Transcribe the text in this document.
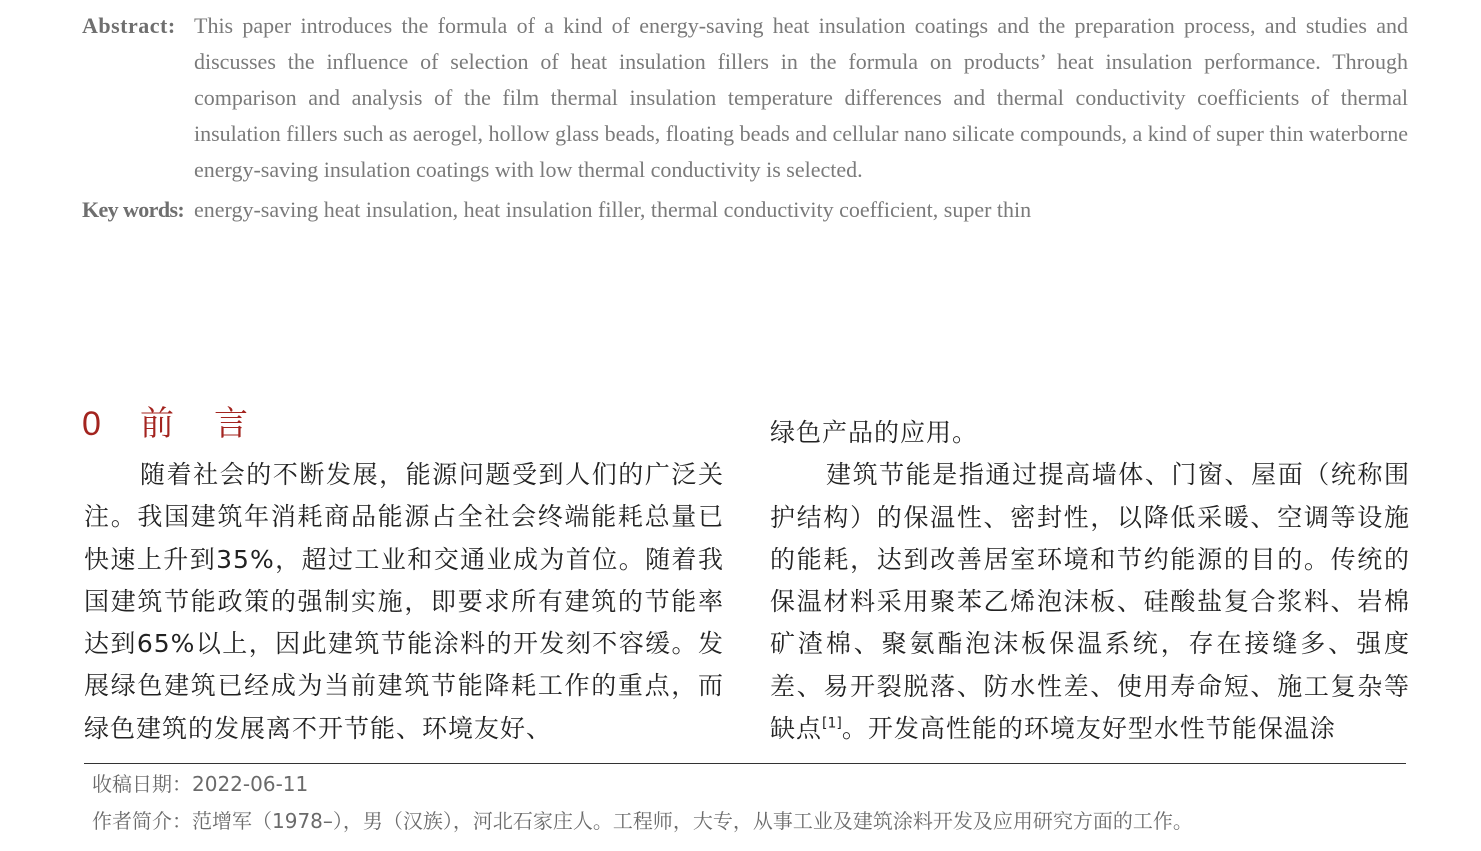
Abstract: This paper introduces the formula of a kind of energy-saving heat insulation coatings and the preparation process, and studies and discusses the influence of selection of heat insulation fillers in the formula on products’ heat insulation performance. Through comparison and analysis of the film thermal insulation temperature differences and thermal conductivity coefficients of thermal insulation fillers such as aerogel, hollow glass beads, floating beads and cellular nano silicate compounds, a kind of super thin waterborne energy-saving insulation coatings with low thermal conductivity is selected.
Key words: energy-saving heat insulation, heat insulation filler, thermal conductivity coefficient, super thin
0 前言

随着社会的不断发展，能源问题受到人们的广泛关注。我国建筑年消耗商品能源占全社会终端能耗总量已快速上升到35%，超过工业和交通业成为首位。随着我国建筑节能政策的强制实施，即要求所有建筑的节能率达到65%以上，因此建筑节能涂料的开发刻不容缓。发展绿色建筑已经成为当前建筑节能降耗工作的重点，而绿色建筑的发展离不开节能、环境友好、

绿色产品的应用。

建筑节能是指通过提高墙体、门窗、屋面（统称围护结构）的保温性、密封性，以降低采暖、空调等设施的能耗，达到改善居室环境和节约能源的目的。传统的保温材料采用聚苯乙烯泡沫板、硅酸盐复合浆料、岩棉矿渣棉、聚氨酯泡沫板保温系统，存在接缝多、强度差、易开裂脱落、防水性差、使用寿命短、施工复杂等缺点[1]。开发高性能的环境友好型水性节能保温涂

收稿日期：2022-06-11
作者简介：范增军（1978–），男（汉族），河北石家庄人。工程师，大专，从事工业及建筑涂料开发及应用研究方面的工作。
